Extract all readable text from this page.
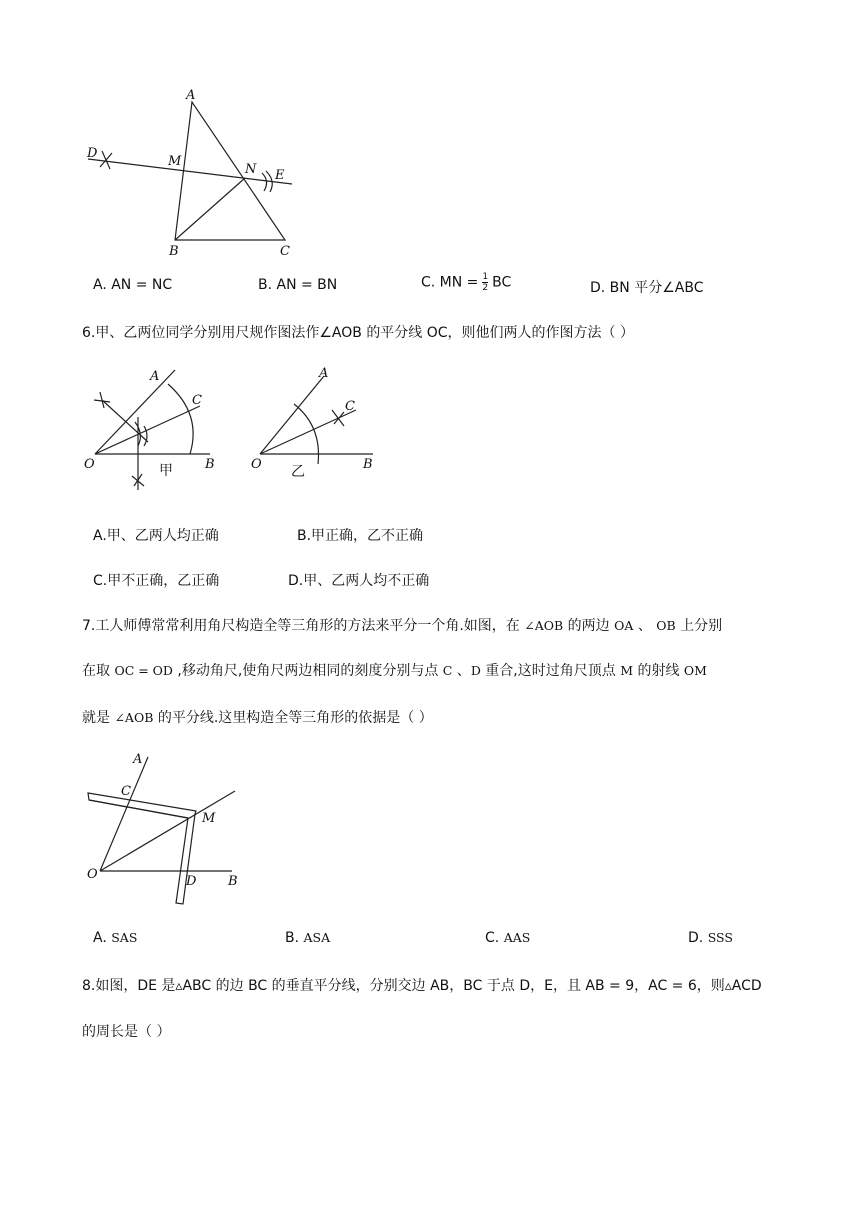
A
D
M
N E
B	C
A. AN = NC	B. AN = BN	C. MN = $\frac{1}{2}$ BC	D. BN 平分∠ABC
6.甲、乙两位同学分别用尺规作图法作∠AOB 的平分线 OC，则他们两人的作图方法（ ）
A
C
O	B
甲
A
C
O	B
乙
A.甲、乙两人均正确	B.甲正确，乙不正确
C.甲不正确，乙正确	D.甲、乙两人均不正确
7.工人师傅常常利用角尺构造全等三角形的方法来平分一个角.如图，在 ∠AOB 的两边 OA 、 OB 上分别
在取 OC = OD ,移动角尺,使角尺两边相同的刻度分别与点 C 、D 重合,这时过角尺顶点 M 的射线 OM
就是 ∠AOB 的平分线.这里构造全等三角形的依据是（ ）
A
C
M
O	D B
A. SAS	B. ASA	C. AAS	D. SSS
8.如图，DE 是▵ABC 的边 BC 的垂直平分线，分别交边 AB，BC 于点 D，E，且 AB = 9，AC = 6，则▵ACD
的周长是（ ）
